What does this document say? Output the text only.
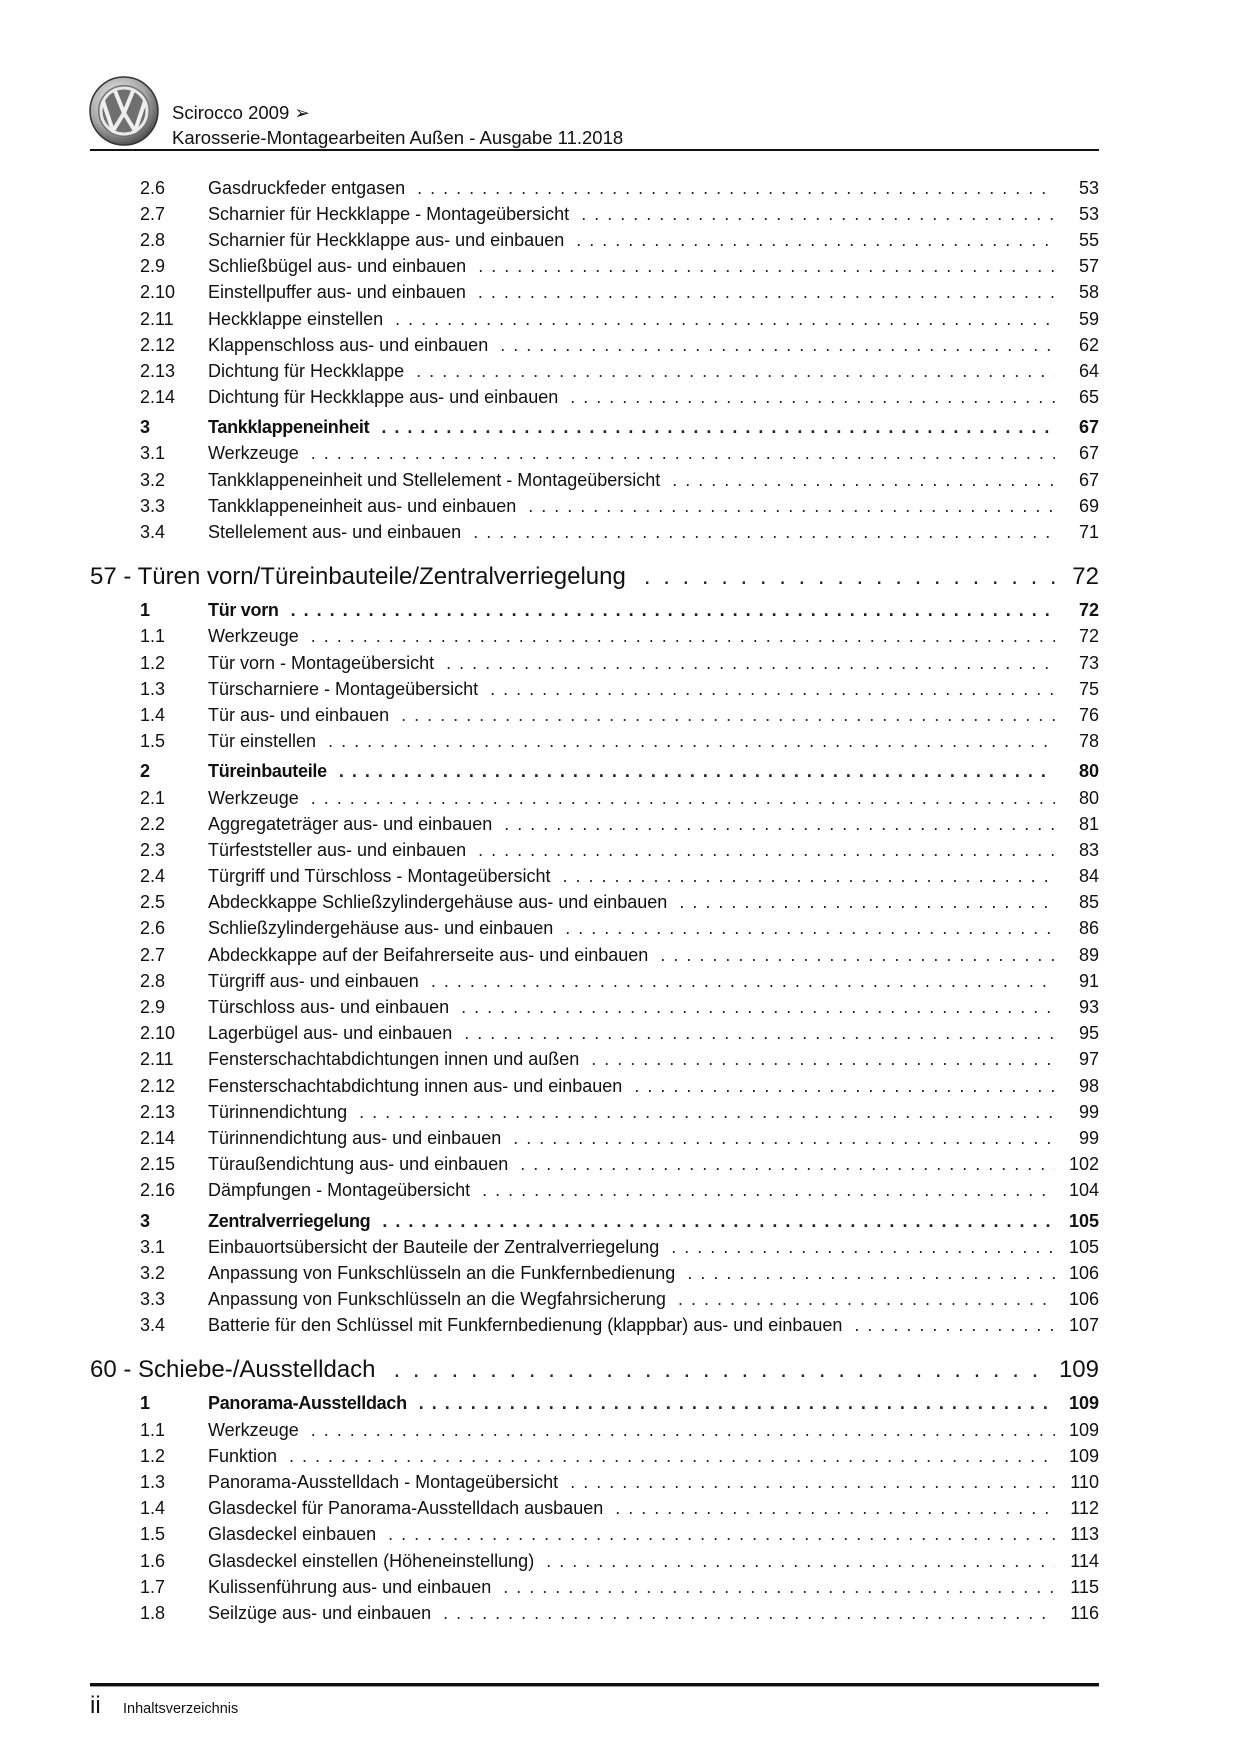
Scirocco 2009 ➢
Karosserie-Montagearbeiten Außen - Ausgabe 11.2018
2.6	Gasdruckfeder entgasen . . .	53
2.7	Scharnier für Heckklappe - Montageübersicht . . .	53
2.8	Scharnier für Heckklappe aus- und einbauen . . .	55
2.9	Schließbügel aus- und einbauen . . .	57
2.10	Einstellpuffer aus- und einbauen . . .	58
2.11	Heckklappe einstellen . . .	59
2.12	Klappenschloss aus- und einbauen . . .	62
2.13	Dichtung für Heckklappe . . .	64
2.14	Dichtung für Heckklappe aus- und einbauen . . .	65
3	Tankklappeneinheit . . .	67
3.1	Werkzeuge . . .	67
3.2	Tankklappeneinheit und Stellelement - Montageübersicht . . .	67
3.3	Tankklappeneinheit aus- und einbauen . . .	69
3.4	Stellelement aus- und einbauen . . .	71
57 - Türen vorn/Türeinbauteile/Zentralverriegelung . . .	72
1	Tür vorn . . .	72
1.1	Werkzeuge . . .	72
1.2	Tür vorn - Montageübersicht . . .	73
1.3	Türscharniere - Montageübersicht . . .	75
1.4	Tür aus- und einbauen . . .	76
1.5	Tür einstellen . . .	78
2	Türeinbauteile . . .	80
2.1	Werkzeuge . . .	80
2.2	Aggregateträger aus- und einbauen . . .	81
2.3	Türfeststeller aus- und einbauen . . .	83
2.4	Türgriff und Türschloss - Montageübersicht . . .	84
2.5	Abdeckkappe Schließzylindergehäuse aus- und einbauen . . .	85
2.6	Schließzylindergehäuse aus- und einbauen . . .	86
2.7	Abdeckkappe auf der Beifahrerseite aus- und einbauen . . .	89
2.8	Türgriff aus- und einbauen . . .	91
2.9	Türschloss aus- und einbauen . . .	93
2.10	Lagerbügel aus- und einbauen . . .	95
2.11	Fensterschachtabdichtungen innen und außen . . .	97
2.12	Fensterschachtabdichtung innen aus- und einbauen . . .	98
2.13	Türinnendichtung . . .	99
2.14	Türinnendichtung aus- und einbauen . . .	99
2.15	Türaußendichtung aus- und einbauen . . .	102
2.16	Dämpfungen - Montageübersicht . . .	104
3	Zentralverriegelung . . .	105
3.1	Einbauortsübersicht der Bauteile der Zentralverriegelung . . .	105
3.2	Anpassung von Funkschlüsseln an die Funkfernbedienung . . .	106
3.3	Anpassung von Funkschlüsseln an die Wegfahrsicherung . . .	106
3.4	Batterie für den Schlüssel mit Funkfernbedienung (klappbar) aus- und einbauen . . .	107
60 - Schiebe-/Ausstelldach . . .	109
1	Panorama-Ausstelldach . . .	109
1.1	Werkzeuge . . .	109
1.2	Funktion . . .	109
1.3	Panorama-Ausstelldach - Montageübersicht . . .	110
1.4	Glasdeckel für Panorama-Ausstelldach ausbauen . . .	112
1.5	Glasdeckel einbauen . . .	113
1.6	Glasdeckel einstellen (Höheneinstellung) . . .	114
1.7	Kulissenführung aus- und einbauen . . .	115
1.8	Seilzüge aus- und einbauen . . .	116
ii Inhaltsverzeichnis
